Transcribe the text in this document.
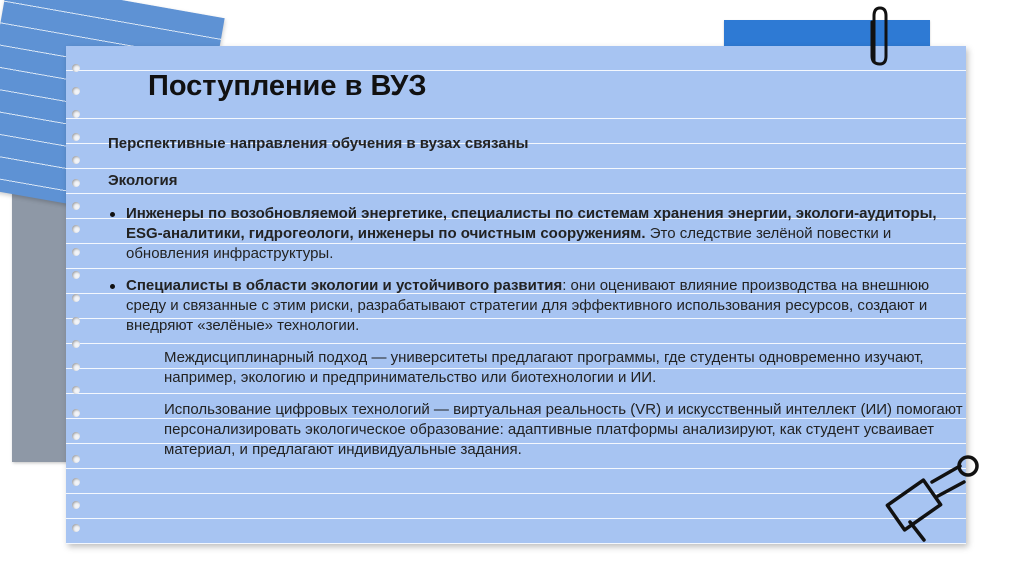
Поступление в ВУЗ

Перспективные направления обучения в вузах связаны

Экология

Инженеры по возобновляемой энергетике, специалисты по системам хранения энергии, экологи-аудиторы, ESG-аналитики, гидрогеологи, инженеры по очистным сооружениям. Это следствие зелёной повестки и обновления инфраструктуры.

Специалисты в области экологии и устойчивого развития: они оценивают влияние производства на внешнюю среду и связанные с этим риски, разрабатывают стратегии для эффективного использования ресурсов, создают и внедряют «зелёные» технологии.

Междисциплинарный подход — университеты предлагают программы, где студенты одновременно изучают, например, экологию и предпринимательство или биотехнологии и ИИ.

Использование цифровых технологий — виртуальная реальность (VR) и искусственный интеллект (ИИ) помогают персонализировать экологическое образование: адаптивные платформы анализируют, как студент усваивает материал, и предлагают индивидуальные задания.
